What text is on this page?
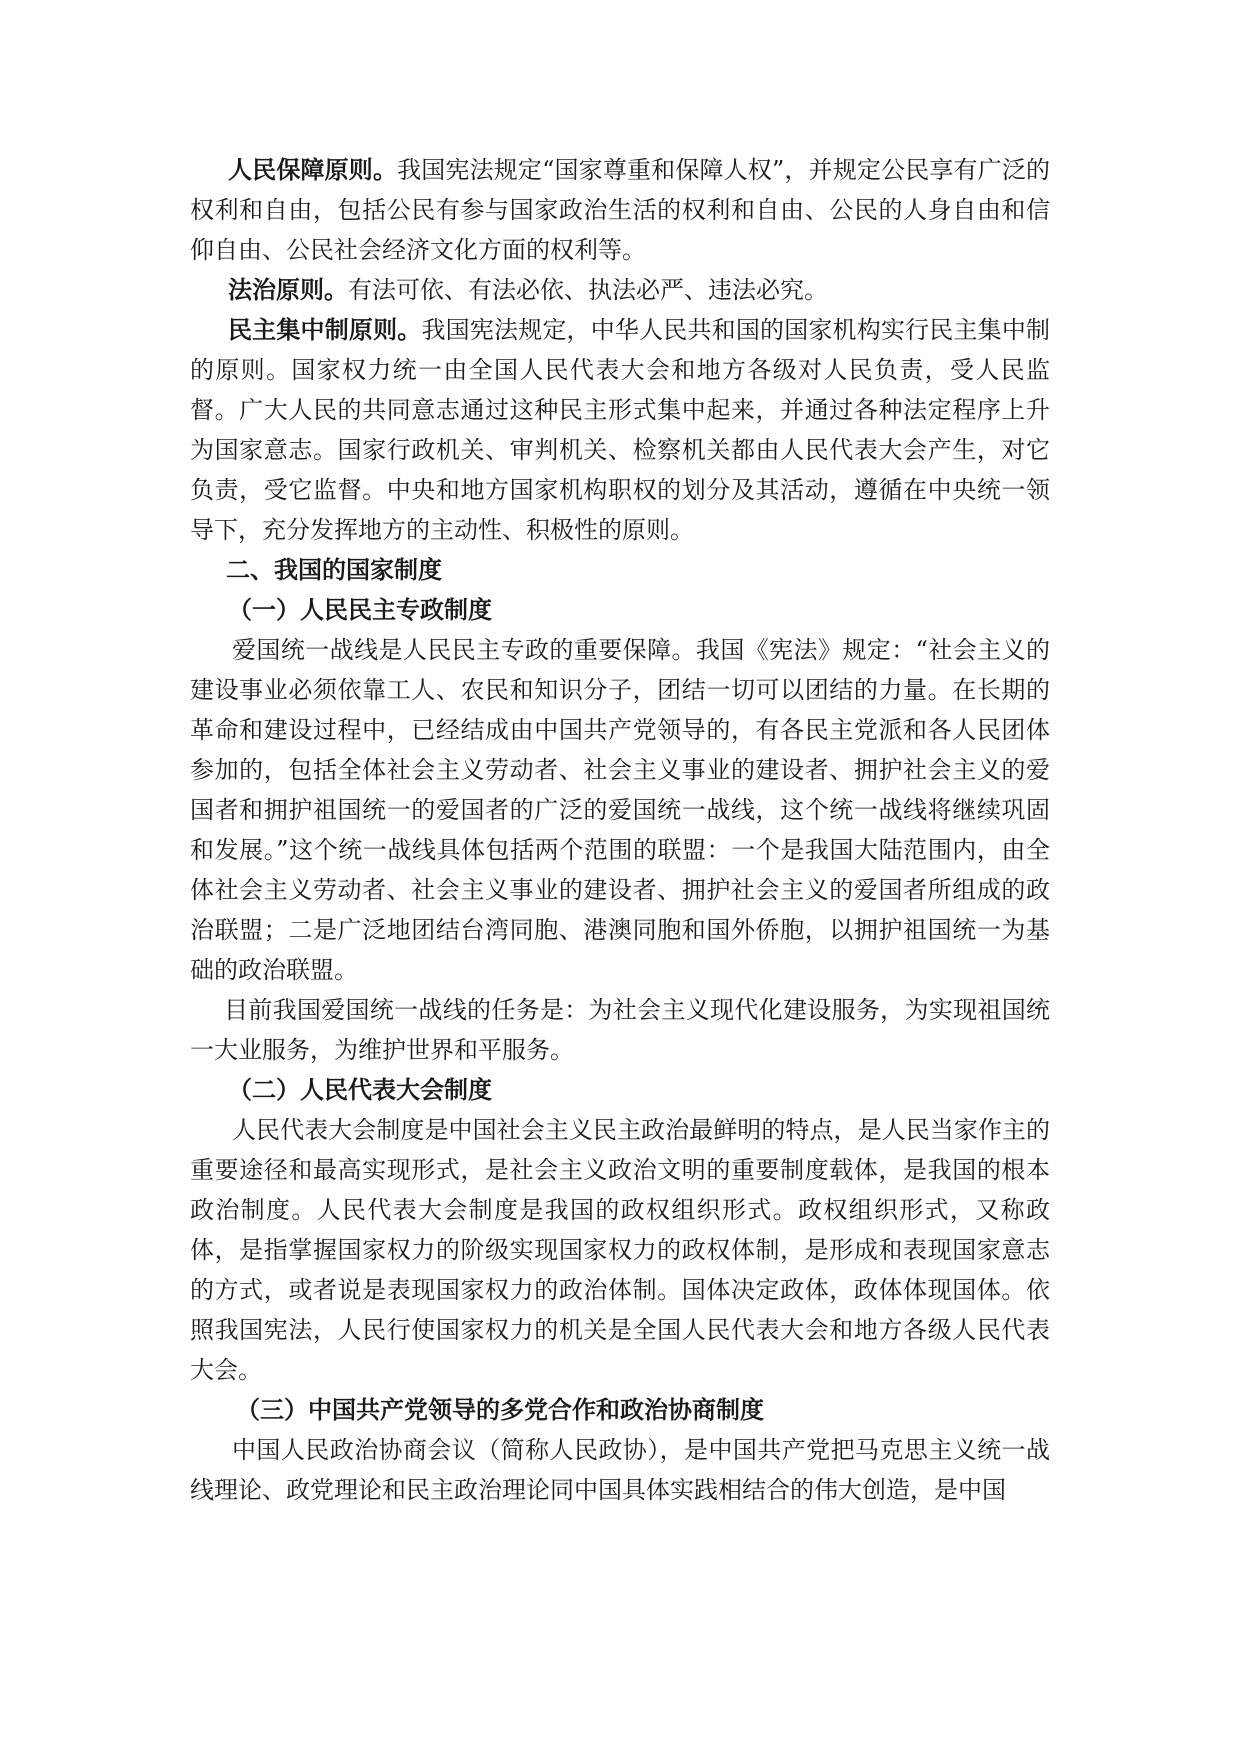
人民保障原则。我国宪法规定“国家尊重和保障人权”，并规定公民享有广泛的权利和自由，包括公民有参与国家政治生活的权利和自由、公民的人身自由和信仰自由、公民社会经济文化方面的权利等。

法治原则。有法可依、有法必依、执法必严、违法必究。

民主集中制原则。我国宪法规定，中华人民共和国的国家机构实行民主集中制的原则。国家权力统一由全国人民代表大会和地方各级对人民负责，受人民监督。广大人民的共同意志通过这种民主形式集中起来，并通过各种法定程序上升为国家意志。国家行政机关、审判机关、检察机关都由人民代表大会产生，对它负责，受它监督。中央和地方国家机构职权的划分及其活动，遵循在中央统一领导下，充分发挥地方的主动性、积极性的原则。

二、我国的国家制度

（一）人民民主专政制度

爱国统一战线是人民民主专政的重要保障。我国《宪法》规定：“社会主义的建设事业必须依靠工人、农民和知识分子，团结一切可以团结的力量。在长期的革命和建设过程中，已经结成由中国共产党领导的，有各民主党派和各人民团体参加的，包括全体社会主义劳动者、社会主义事业的建设者、拥护社会主义的爱国者和拥护祖国统一的爱国者的广泛的爱国统一战线，这个统一战线将继续巩固和发展。”这个统一战线具体包括两个范围的联盟：一个是我国大陆范围内，由全体社会主义劳动者、社会主义事业的建设者、拥护社会主义的爱国者所组成的政治联盟；二是广泛地团结台湾同胞、港澳同胞和国外侨胞，以拥护祖国统一为基础的政治联盟。

目前我国爱国统一战线的任务是：为社会主义现代化建设服务，为实现祖国统一大业服务，为维护世界和平服务。

（二）人民代表大会制度

人民代表大会制度是中国社会主义民主政治最鲜明的特点，是人民当家作主的重要途径和最高实现形式，是社会主义政治文明的重要制度载体，是我国的根本政治制度。人民代表大会制度是我国的政权组织形式。政权组织形式，又称政体，是指掌握国家权力的阶级实现国家权力的政权体制，是形成和表现国家意志的方式，或者说是表现国家权力的政治体制。国体决定政体，政体体现国体。依照我国宪法，人民行使国家权力的机关是全国人民代表大会和地方各级人民代表大会。

（三）中国共产党领导的多党合作和政治协商制度

中国人民政治协商会议（简称人民政协），是中国共产党把马克思主义统一战线理论、政党理论和民主政治理论同中国具体实践相结合的伟大创造，是中国
